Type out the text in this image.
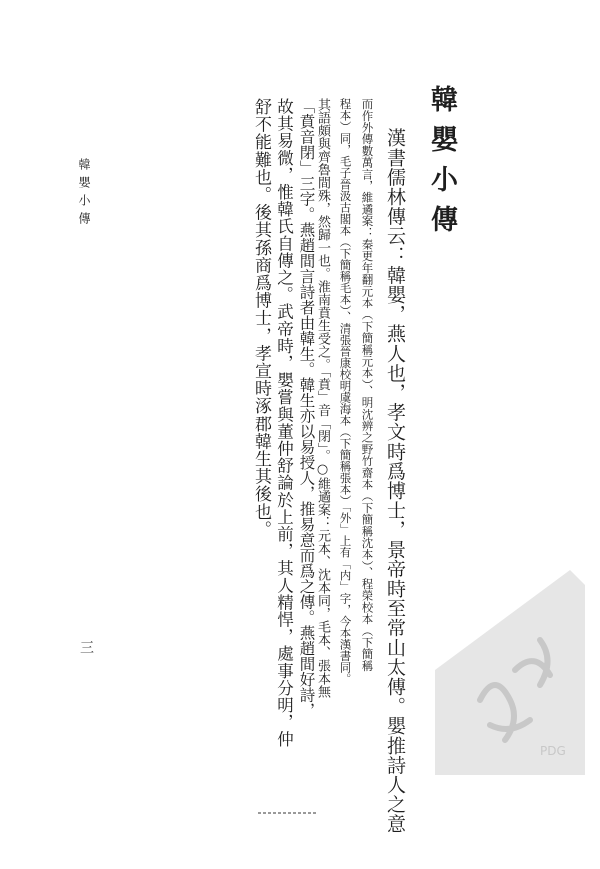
韓嬰小傳	韓嬰小傳
漢書儒林傳云：韓嬰，燕人也，孝文時爲博士，景帝時至常山太傅。嬰推詩人之意
而作外傳數萬言，維遹案：秦更年翻元本（下簡稱元本）、明沈辨之野竹齋本（下簡稱沈本）、程榮校本（下簡稱
程本）同，毛子晉汲古閣本（下簡稱毛本）、清張晉康校明虞海本（下簡稱張本）「外」上有「内」字，今本漢書同。
其語頗與齊魯間殊，然歸一也。淮南賁生受之。「賁」音「閉」。○維遹案：元本、沈本同，毛本、張本無
「賁音閉」三字。燕趙間言詩者由韓生。韓生亦以易授人，推易意而爲之傳。燕趙間好詩，
故其易微，惟韓氏自傳之。武帝時，嬰嘗與董仲舒論於上前，其人精悍，處事分明，仲
舒不能難也。後其孫商爲博士，孝宣時涿郡韓生其後也。
三
PDG
